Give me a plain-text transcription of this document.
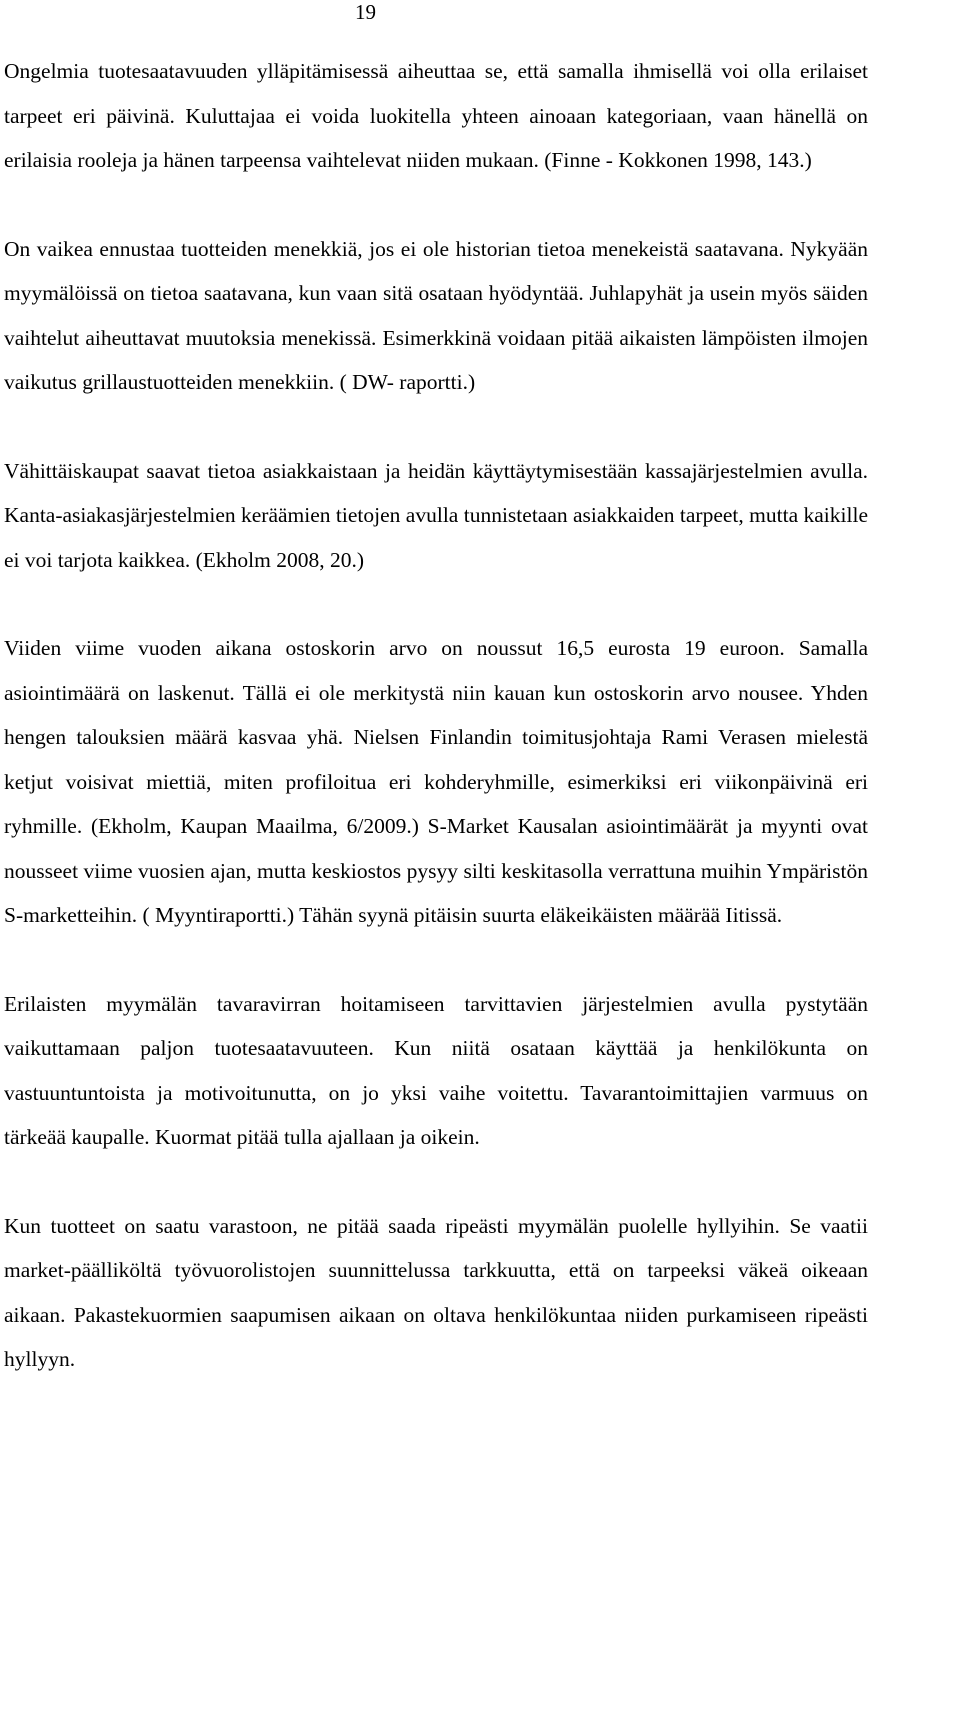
19

Ongelmia tuotesaatavuuden ylläpitämisessä aiheuttaa se, että samalla ihmisellä voi olla erilaiset tarpeet eri päivinä. Kuluttajaa ei voida luokitella yhteen ainoaan kategoriaan, vaan hänellä on erilaisia rooleja ja hänen tarpeensa vaihtelevat niiden mukaan. (Finne - Kokkonen 1998, 143.)

On vaikea ennustaa tuotteiden menekkiä, jos ei ole historian tietoa menekeistä saatavana. Nykyään myymälöissä on tietoa saatavana, kun vaan sitä osataan hyödyntää. Juhlapyhät ja usein myös säiden vaihtelut aiheuttavat muutoksia menekissä. Esimerkkinä voidaan pitää aikaisten lämpöisten ilmojen vaikutus grillaustuotteiden menekkiin. ( DW- raportti.)

Vähittäiskaupat saavat tietoa asiakkaistaan ja heidän käyttäytymisestään kassajärjestelmien avulla. Kanta-asiakasjärjestelmien keräämien tietojen avulla tunnistetaan asiakkaiden tarpeet, mutta kaikille ei voi tarjota kaikkea. (Ekholm 2008, 20.)

Viiden viime vuoden aikana ostoskorin arvo on noussut 16,5 eurosta 19 euroon. Samalla asiointimäärä on laskenut. Tällä ei ole merkitystä niin kauan kun ostoskorin arvo nousee. Yhden hengen talouksien määrä kasvaa yhä. Nielsen Finlandin toimitusjohtaja Rami Verasen mielestä ketjut voisivat miettiä, miten profiloitua eri kohderyhmille, esimerkiksi eri viikonpäivinä eri ryhmille. (Ekholm, Kaupan Maailma, 6/2009.) S-Market Kausalan asiointimäärät ja myynti ovat nousseet viime vuosien ajan, mutta keskiostos pysyy silti keskitasolla verrattuna muihin Ympäristön S-marketteihin. ( Myyntiraportti.) Tähän syynä pitäisin suurta eläkeikäisten määrää Iitissä.

Erilaisten myymälän tavaravirran hoitamiseen tarvittavien järjestelmien avulla pystytään vaikuttamaan paljon tuotesaatavuuteen. Kun niitä osataan käyttää ja henkilökunta on vastuuntuntoista ja motivoitunutta, on jo yksi vaihe voitettu. Tavarantoimittajien varmuus on tärkeää kaupalle. Kuormat pitää tulla ajallaan ja oikein.

Kun tuotteet on saatu varastoon, ne pitää saada ripeästi myymälän puolelle hyllyihin. Se vaatii market-päälliköltä työvuorolistojen suunnittelussa tarkkuutta, että on tarpeeksi väkeä oikeaan aikaan. Pakastekuormien saapumisen aikaan on oltava henkilökuntaa niiden purkamiseen ripeästi hyllyyn.
